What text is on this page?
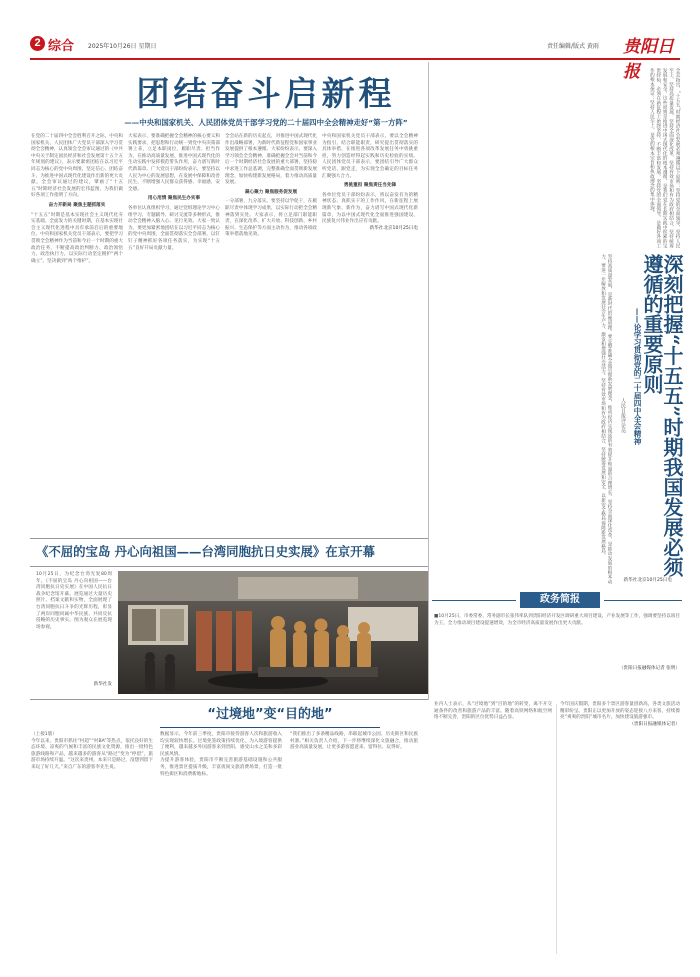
2 综合 2025年10月26日 星期日	责任编辑/版式 黄雨 贵阳日报
团结奋斗启新程
——中央和国家机关、人民团体党员干部学习党的二十届四中全会精神走好“第一方阵”

在党的二十届四中全会胜利召开之际，中央和国家机关、人民团体广大党员干部深入学习贯彻全会精神，认真领会全会审议通过的《中共中央关于制定国民经济和社会发展第十五个五年规划的建议》，表示要紧密团结在以习近平同志为核心的党中央周围，坚定信心、团结奋斗，为推进中国式现代化建设作出新的更大贡献。全会审议通过的建议，擘画了“十五五”时期经济社会发展的宏伟蓝图，为我们做好各项工作指明了方向。

奋力开新局 聚焦主题抓落实

“十五五”时期是基本实现社会主义现代化夯实基础、全面发力的关键时期，在基本实现社会主义现代化进程中具有承前启后的重要地位。中央和国家机关党员干部表示，要把学习贯彻全会精神作为当前和今后一个时期的重大政治任务，不断提高政治判断力、政治领悟力、政治执行力，以实际行动坚定拥护“两个确立”、坚决做到“两个维护”。

大家表示，要准确把握全会精神的核心要义和实践要求，把思想和行动统一到党中央决策部署上来，立足本职岗位，履职尽责、担当作为，在推动高质量发展、推进中国式现代化的生动实践中发挥模范带头作用，奋力谱写新时代新篇章。广大党员干部纷纷表示，要坚持以人民为中心的发展思想，在发展中保障和改善民生，不断增强人民群众获得感、幸福感、安全感。

用心用情 聚焦民生办实事

各单位认真组织学习，通过党组理论学习中心组学习、专题辅导、研讨交流等多种形式，推动全会精神入脑入心、见行见效。大家一致认为，要更加紧密地团结在以习近平同志为核心的党中央周围，全面贯彻落实全会部署，以钉钉子精神抓好各项任务落实，为实现“十五五”良好开局贡献力量。

全会站在新的历史起点，对推进中国式现代化作出战略部署，为新时代新征程党和国家事业发展提供了根本遵循。大家纷纷表示，要深入学习领会全会精神，准确把握全会对当前和今后一个时期经济社会发展的重大部署，坚持稳中求进工作总基调，完整准确全面贯彻新发展理念，加快构建新发展格局，着力推动高质量发展。

凝心聚力 聚焦服务促发展

一分部署，九分落实。要坚持以学促干，在履职尽责中体现学习成果，以实际行动把全会精神落到实处。大家表示，将立足部门职能职责，在深化改革、扩大开放、科技创新、乡村振兴、生态保护等方面主动作为，推动各项政策举措落地见效。

中央和国家机关党员干部表示，要以全会精神为指引，结合职能职责，研究提出贯彻落实的具体举措，在推进各项改革发展任务中勇挑重担，努力创造经得起实践和历史检验的实绩。人民团体党员干部表示，要团结引导广大群众听党话、跟党走，为实现全会确定的目标任务汇聚强大合力。

勇挑重担 聚焦责任当先锋

各单位党员干部纷纷表示，将以奋发有为的精神状态、真抓实干的工作作风，在新征程上展现新气象、新作为，奋力谱写中国式现代化新篇章，为以中国式现代化全面推进强国建设、民族复兴伟业作出应有贡献。

新华社北京10月25日电

《不屈的宝岛 丹心向祖国——台湾同胞抗日史实展》在京开幕
10月25日，为纪念台湾光复80周年，《不屈的宝岛 丹心向祖国——台湾同胞抗日史实展》在中国人民抗日战争纪念馆开幕。展览通过大量历史照片、档案文献和实物，全面展现了台湾同胞抗日斗争的光辉历程，彰显了两岸同胞同属中华民族、共同反抗侵略的历史事实。图为观众在展览现场参观。
新华社发
全会指出，“十五五”时期经济社会发展必须遵循以下原则：坚持党的全面领导，坚持人民至上，坚持高质量发展，坚持全面深化改革，坚持有效市场和有为政府相结合，坚持统筹发展和安全。这些原则是推进中国式现代化的根本遵循，是我们党在长期实践中积累的宝贵经验，必须在新征程上始终坚持、不断丰富和发展。坚持党的全面领导，是做好各项工作的根本保证；坚持人民至上，是党的根本宗旨和执政理念的集中体现。
深刻把握“十五五”时期我国发展必须遵循的重要原则
——论学习贯彻党的二十届四中全会精神
人民日报评论员
坚持高质量发展，是新时代的硬道理。要完整准确全面贯彻新发展理念，推动经济实现质的有效提升和量的合理增长。坚持全面深化改革，是推动发展的根本动力，要进一步解放和发展社会生产力、激发和增强社会活力。坚持有效市场和有为政府相结合，坚持统筹发展和安全，以新安全格局保障新发展格局。
新华社北京10月25日电
政务简报
■10月25日，市委常委、常务副市长张伟率队到贵阳经济开发区调研重大项目建设、产业发展等工作，强调要坚持以项目为王，全力推动项目建设提速增效，为全市经济高质量发展作出更大贡献。
（贵阳日报融媒体记者 张明）
“过境地”变“目的地”

（上接1版）

今年以来，贵阳市抓住“村超”“村BA”等热点，依托良好的生态环境、凉爽的气候和丰富的民族文化资源，推出一批特色旅游线路和产品，越来越多的游客从“路过”变为“停留”，旅游市场持续升温。“这次来贵州，本来只是路过，没想到留下来玩了好几天。”来自广东的游客李先生说。

数据显示，今年前三季度，贵阳市接待游客人次和旅游收入均实现较快增长。过境免签政策持续优化，为入境游客提供了便利，越来越多外国游客来到贵阳，感受山水之美和多彩民族风情。

为提升游客体验，贵阳市不断完善旅游基础设施和公共服务，推进景区提质升级，丰富夜间文旅消费场景，打造一批特色街区和消费新地标。

“我们推出了多条精品线路，串联起城市公园、历史街区和民族村寨。”相关负责人介绍，下一步将继续深化文旅融合，推动旅游业高质量发展，让更多游客愿意来、留得住、玩得好。

业内人士表示，从“过境地”到“目的地”的转变，离不开交通条件的改善和旅游产品的丰富。随着高铁网络和航空网络不断完善，贵阳的区位优势日益凸显。

今年国庆假期，贵阳多个景区游客量创新高，各类文旅活动精彩纷呈。贵阳正以更加开放的姿态迎接八方来客，持续擦亮“爽爽的贵阳”城市名片，加快建设旅游强市。

（贵阳日报融媒体记者）
